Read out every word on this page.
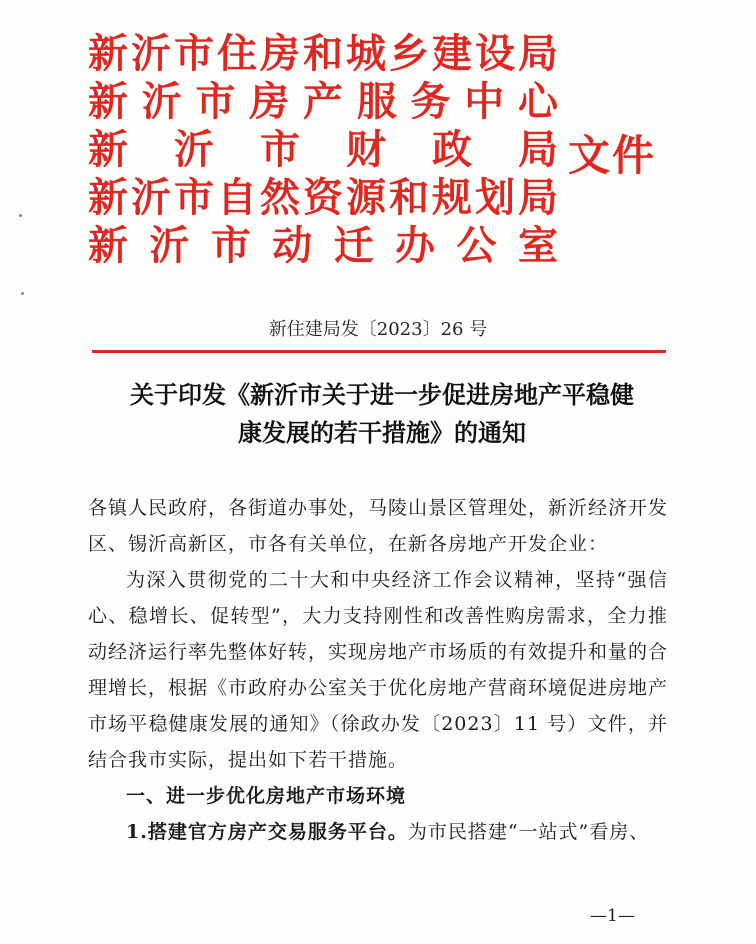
新 沂 市 住 房 和 城 乡 建 设 局
新 沂 市 房 产 服 务 中 心
新 沂 市 财 政 局
新 沂 市 自 然 资 源 和 规 划 局
新 沂 市 动 迁 办 公 室
文件
新住建局发〔2023〕26 号
关于印发《新沂市关于进一步促进房地产平稳健
康发展的若干措施》的通知

各镇人民政府，各街道办事处，马陵山景区管理处，新沂经济开发区、锡沂高新区，市各有关单位，在新各房地产开发企业：

为深入贯彻党的二十大和中央经济工作会议精神，坚持“强信心、稳增长、促转型”，大力支持刚性和改善性购房需求，全力推动经济运行率先整体好转，实现房地产市场质的有效提升和量的合理增长，根据《市政府办公室关于优化房地产营商环境促进房地产市场平稳健康发展的通知》（徐政办发〔2023〕11 号）文件，并结合我市实际，提出如下若干措施。

一、进一步优化房地产市场环境

1.搭建官方房产交易服务平台。为市民搭建“一站式”看房、

—1—
